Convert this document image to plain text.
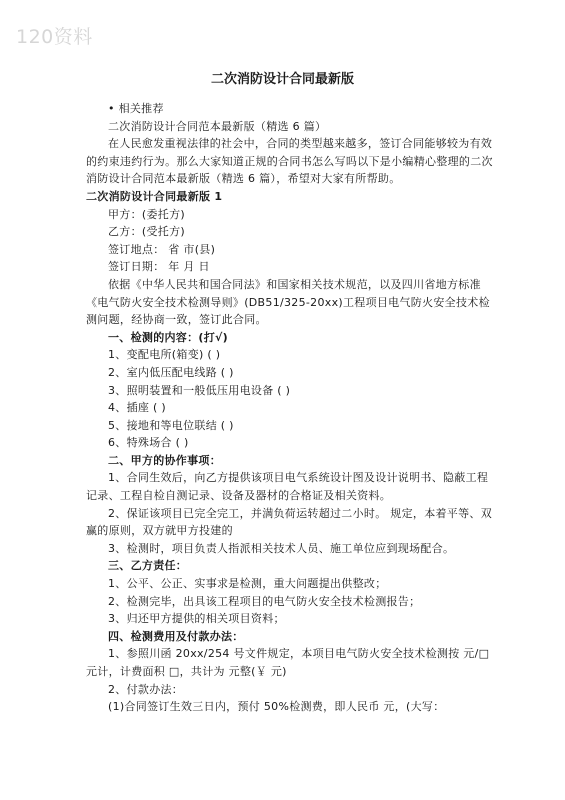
120资料
二次消防设计合同最新版

• 相关推荐

二次消防设计合同范本最新版（精选 6 篇）

在人民愈发重视法律的社会中，合同的类型越来越多，签订合同能够较为有效的约束违约行为。那么大家知道正规的合同书怎么写吗以下是小编精心整理的二次消防设计合同范本最新版（精选 6 篇），希望对大家有所帮助。

二次消防设计合同最新版 1

甲方：(委托方)

乙方：(受托方)

签订地点： 省 市(县)

签订日期： 年 月 日

依据《中华人民共和国合同法》和国家相关技术规范，以及四川省地方标准《电气防火安全技术检测导则》(DB51/325-20xx)工程项目电气防火安全技术检测问题，经协商一致，签订此合同。

一、检测的内容：(打√)

1、变配电所(箱变) ( )

2、室内低压配电线路 ( )

3、照明装置和一般低压用电设备 ( )

4、插座 ( )

5、接地和等电位联结 ( )

6、特殊场合 ( )

二、甲方的协作事项：

1、合同生效后，向乙方提供该项目电气系统设计图及设计说明书、隐蔽工程记录、工程自检自测记录、设备及器材的合格证及相关资料。

2、保证该项目已完全完工，并满负荷运转超过二小时。 规定，本着平等、双赢的原则，双方就甲方投建的

3、检测时，项目负责人指派相关技术人员、施工单位应到现场配合。

三、乙方责任：

1、公平、公正、实事求是检测，重大问题提出供整改；

2、检测完毕，出具该工程项目的电气防火安全技术检测报告；

3、归还甲方提供的相关项目资料；

四、检测费用及付款办法：

1、参照川函 20xx/254 号文件规定，本项目电气防火安全技术检测按 元/□元计，计费面积 □，共计为 元整(￥ 元)

2、付款办法：

(1)合同签订生效三日内，预付 50%检测费，即人民币 元，(大写：
